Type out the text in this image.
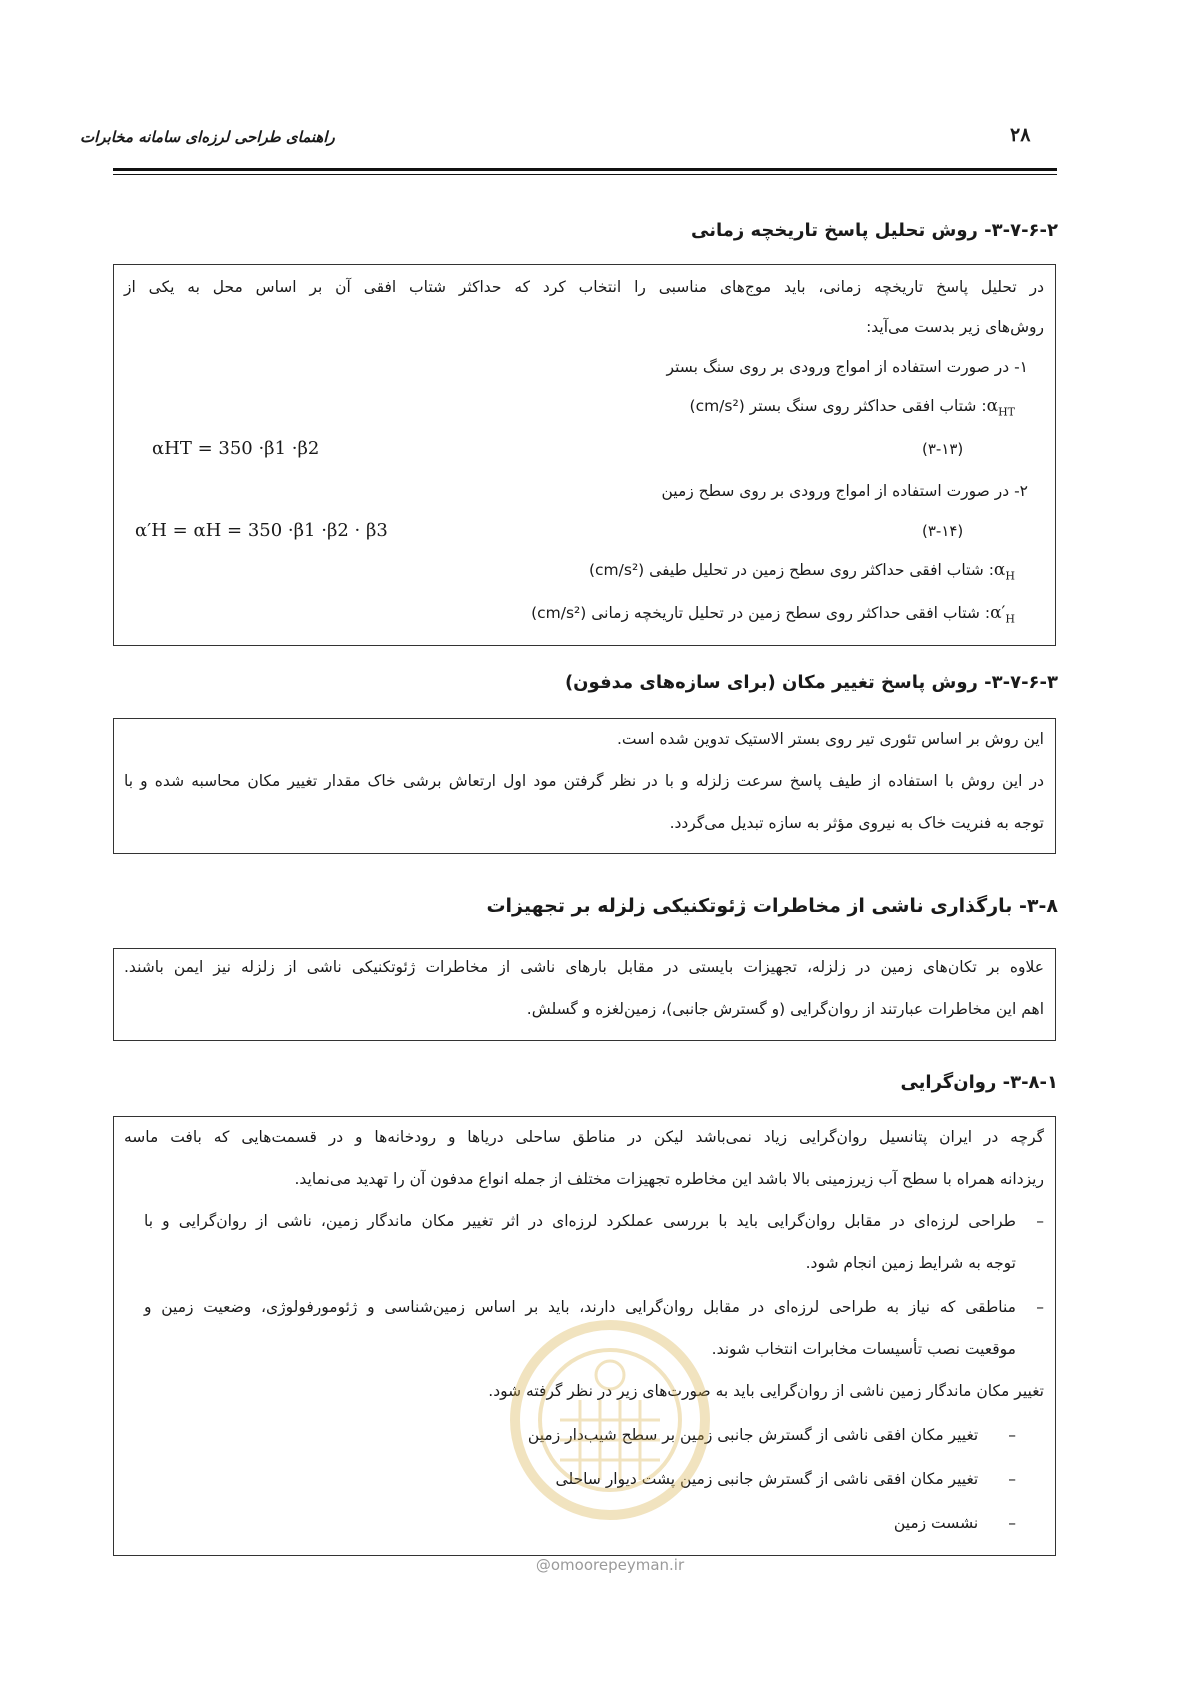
راهنمای طراحی لرزه‌ای سامانه مخابرات	۲۸
۳-۷-۶-۲- روش تحلیل پاسخ تاریخچه زمانی
در تحلیل پاسخ تاریخچه زمانی، باید موج‌های مناسبی را انتخاب کرد که حداکثر شتاب افقی آن بر اساس محل به یکی از
روش‌های زیر بدست می‌آید:
۱- در صورت استفاده از امواج ورودی بر روی سنگ بستر
$\alpha_{HT}$: شتاب افقی حداکثر روی سنگ بستر (cm/s²)
αHT = 350 ·β1 ·β2	(۳-۱۳)
۲- در صورت استفاده از امواج ورودی بر روی سطح زمین
α′H = αH = 350 ·β1 ·β2 · β3	(۳-۱۴)
$\alpha_H$: شتاب افقی حداکثر روی سطح زمین در تحلیل طیفی (cm/s²)
$\alpha'_H$: شتاب افقی حداکثر روی سطح زمین در تحلیل تاریخچه زمانی (cm/s²)
۳-۷-۶-۳- روش پاسخ تغییر مکان (برای سازه‌های مدفون)
این روش بر اساس تئوری تیر روی بستر الاستیک تدوین شده است.
در این روش با استفاده از طیف پاسخ سرعت زلزله و با در نظر گرفتن مود اول ارتعاش برشی خاک مقدار تغییر مکان محاسبه شده و با
توجه به فنریت خاک به نیروی مؤثر به سازه تبدیل می‌گردد.
۳-۸- بارگذاری ناشی از مخاطرات ژئوتکنیکی زلزله بر تجهیزات
علاوه بر تکان‌های زمین در زلزله، تجهیزات بایستی در مقابل بارهای ناشی از مخاطرات ژئوتکنیکی ناشی از زلزله نیز ایمن باشند.
اهم این مخاطرات عبارتند از روان‌گرایی (و گسترش جانبی)، زمین‌لغزه و گسلش.
۳-۸-۱- روان‌گرایی
گرچه در ایران پتانسیل روان‌گرایی زیاد نمی‌باشد لیکن در مناطق ساحلی دریاها و رودخانه‌ها و در قسمت‌هایی که بافت ماسه
ریزدانه همراه با سطح آب زیرزمینی بالا باشد این مخاطره تجهیزات مختلف از جمله انواع مدفون آن را تهدید می‌نماید.
–
طراحی لرزه‌ای در مقابل روان‌گرایی باید با بررسی عملکرد لرزه‌ای در اثر تغییر مکان ماندگار زمین، ناشی از روان‌گرایی و با
توجه به شرایط زمین انجام شود.
–
مناطقی که نیاز به طراحی لرزه‌ای در مقابل روان‌گرایی دارند، باید بر اساس زمین‌شناسی و ژئومورفولوژی، وضعیت زمین و
موقعیت نصب تأسیسات مخابرات انتخاب شوند.
تغییر مکان ماندگار زمین ناشی از روان‌گرایی باید به صورت‌های زیر در نظر گرفته شود.
–تغییر مکان افقی ناشی از گسترش جانبی زمین بر سطح شیب‌دار زمین
–تغییر مکان افقی ناشی از گسترش جانبی زمین پشت دیوار ساحلی
–نشست زمین
@omoorepeyman.ir
